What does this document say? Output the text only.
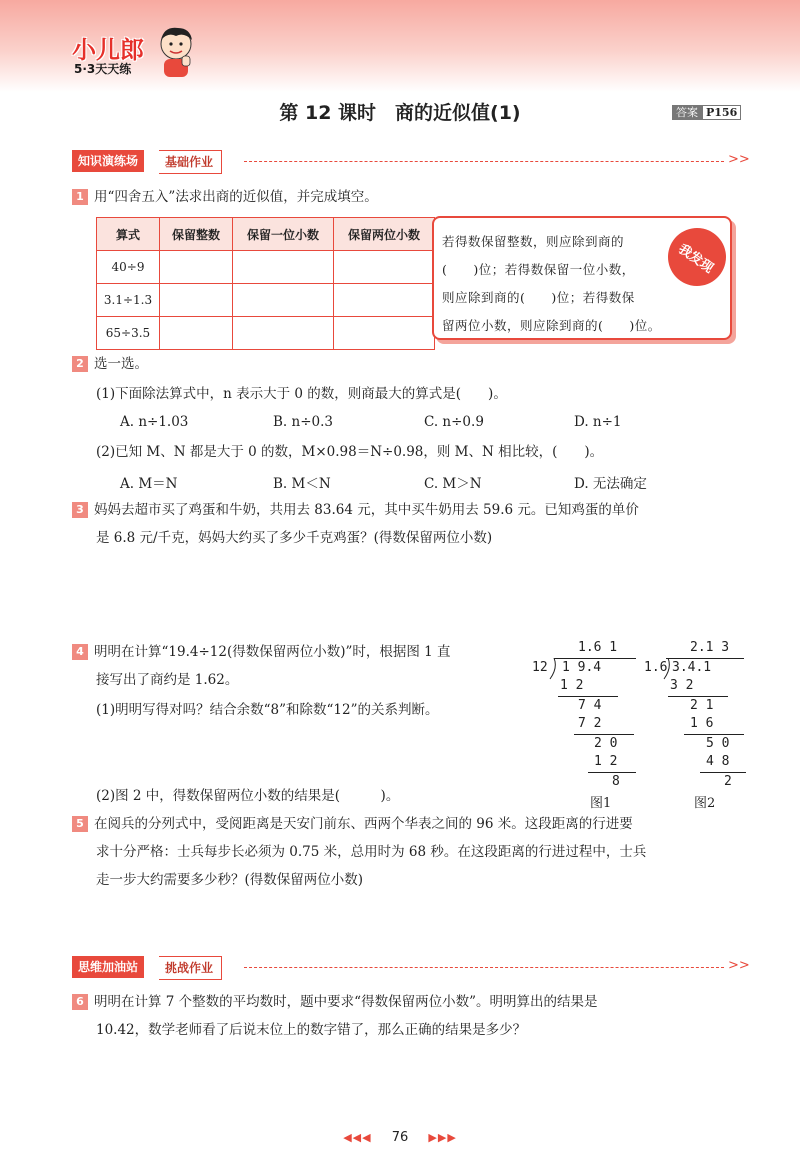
小儿郎
5·3天天练
第 12 课时　商的近似值(1)	答案 P156
知识演练场	基础作业	>>
1 用“四舍五入”法求出商的近似值，并完成填空。
算式	保留整数	保留一位小数	保留两位小数
40÷9			
3.1÷1.3			
65÷3.5			
若得数保留整数，则应除到商的
(　　)位；若得数保留一位小数，
则应除到商的(　　)位；若得数保
留两位小数，则应除到商的(　　)位。
我发现
2 选一选。
(1)下面除法算式中，n 表示大于 0 的数，则商最大的算式是(　　)。
A. n÷1.03	B. n÷0.3	C. n÷0.9	D. n÷1
(2)已知 M、N 都是大于 0 的数，M×0.98＝N÷0.98，则 M、N 相比较，(　　)。
A. M＝N	B. M＜N	C. M＞N	D. 无法确定
3 妈妈去超市买了鸡蛋和牛奶，共用去 83.64 元，其中买牛奶用去 59.6 元。已知鸡蛋的单价
是 6.8 元/千克，妈妈大约买了多少千克鸡蛋？(得数保留两位小数)
4 明明在计算“19.4÷12(得数保留两位小数)”时，根据图 1 直
接写出了商约是 1.62。
(1)明明写得对吗？结合余数“8”和除数“12”的关系判断。
(2)图 2 中，得数保留两位小数的结果是(　　　)。
1.6 1
12 1 9.4
1 2
7 4
7 2
2 0
1 2
8
图1
2.1 3
1.6 3.4.1
3 2
2 1
1 6
5 0
4 8
2
图2
5 在阅兵的分列式中，受阅距离是天安门前东、西两个华表之间的 96 米。这段距离的行进要
求十分严格：士兵每步长必须为 0.75 米，总用时为 68 秒。在这段距离的行进过程中，士兵
走一步大约需要多少秒？(得数保留两位小数)
思维加油站	挑战作业	>>
6 明明在计算 7 个整数的平均数时，题中要求“得数保留两位小数”。明明算出的结果是
10.42，数学老师看了后说末位上的数字错了，那么正确的结果是多少？
◀◀◀ 76 ▶▶▶
